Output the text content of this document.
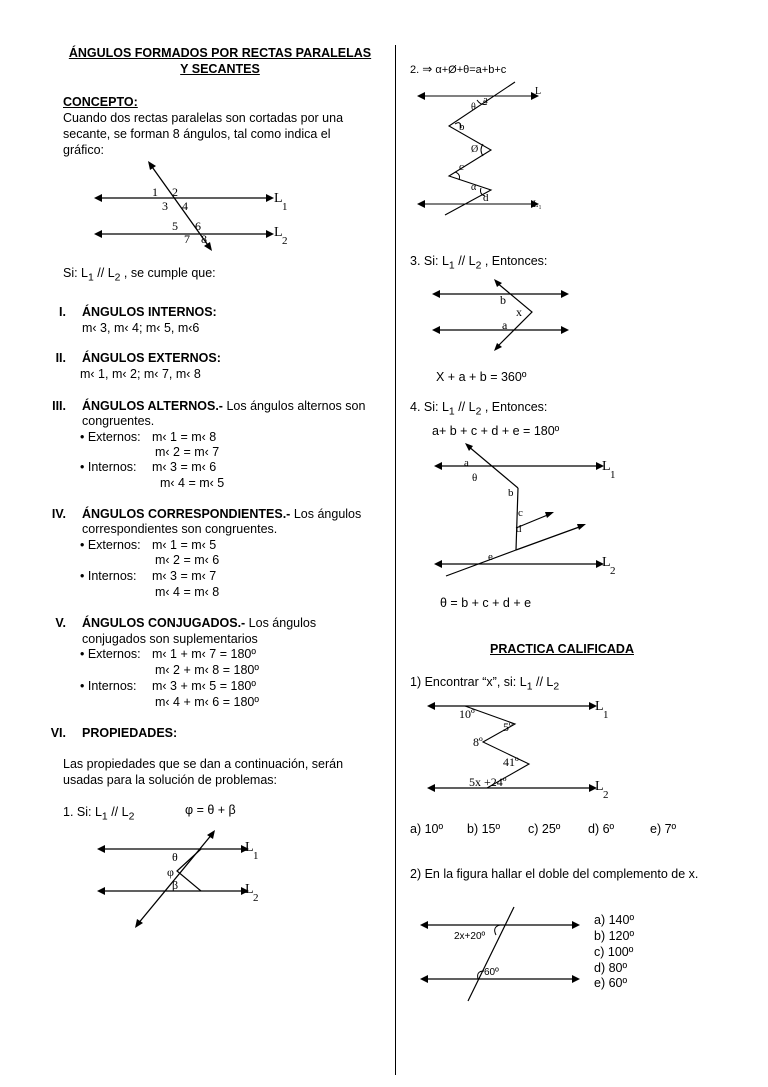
ÁNGULOS FORMADOS POR RECTAS PARALELAS
Y SECANTES
CONCEPTO:
Cuando dos rectas paralelas son cortadas por una
secante, se forman 8 ángulos, tal como indica el
gráfico:
1 2
3 4
5 6
7 8
L
1
L
2
Si: $L_1 // L_2$ , se cumple que:
I. ÁNGULOS INTERNOS:
m‹ 3, m‹ 4; m‹ 5, m‹6
II. ÁNGULOS EXTERNOS:
m‹ 1, m‹ 2; m‹ 7, m‹ 8
III. ÁNGULOS ALTERNOS.- Los ángulos alternos son
congruentes.
• Externos: m‹ 1 = m‹ 8
m‹ 2 = m‹ 7
• Internos: m‹ 3 = m‹ 6
m‹ 4 = m‹ 5
IV. ÁNGULOS CORRESPONDIENTES.- Los ángulos
correspondientes son congruentes.
• Externos: m‹ 1 = m‹ 5
m‹ 2 = m‹ 6
• Internos: m‹ 3 = m‹ 7
m‹ 4 = m‹ 8
V. ÁNGULOS CONJUGADOS.- Los ángulos
conjugados son suplementarios
• Externos: m‹ 1 + m‹ 7 = 180º
m‹ 2 + m‹ 8 = 180º
• Internos: m‹ 3 + m‹ 5 = 180º
m‹ 4 + m‹ 6 = 180º
VI. PROPIEDADES:
Las propiedades que se dan a continuación, serán
usadas para la solución de problemas:
1. Si: $L_1 // L_2$	φ = θ + β
θ
φ
β
L
1
L
2
2. ⇒ α+Ø+θ=a+b+c
a
θ
b
Ø
c
α
d
L
L₁
3. Si: $L_1 // L_2$ , Entonces:
b
x
a
X + a + b = 360º
4. Si: $L_1 // L_2$ , Entonces:
a+ b + c + d + e = 180º
a
θ
b
c
d
e
L
1
L
2
θ = b + c + d + e
PRACTICA CALIFICADA
1) Encontrar “x”, si: $L_1 // L_2$
10º
5º
8º
41º
5x +24º
L
1
L
2
a) 10º b) 15º c) 25º d) 6º	e) 7º
2) En la figura hallar el doble del complemento de x.
2x+20º
60º
a) 140º
b) 120º
c) 100º
d) 80º
e) 60º
